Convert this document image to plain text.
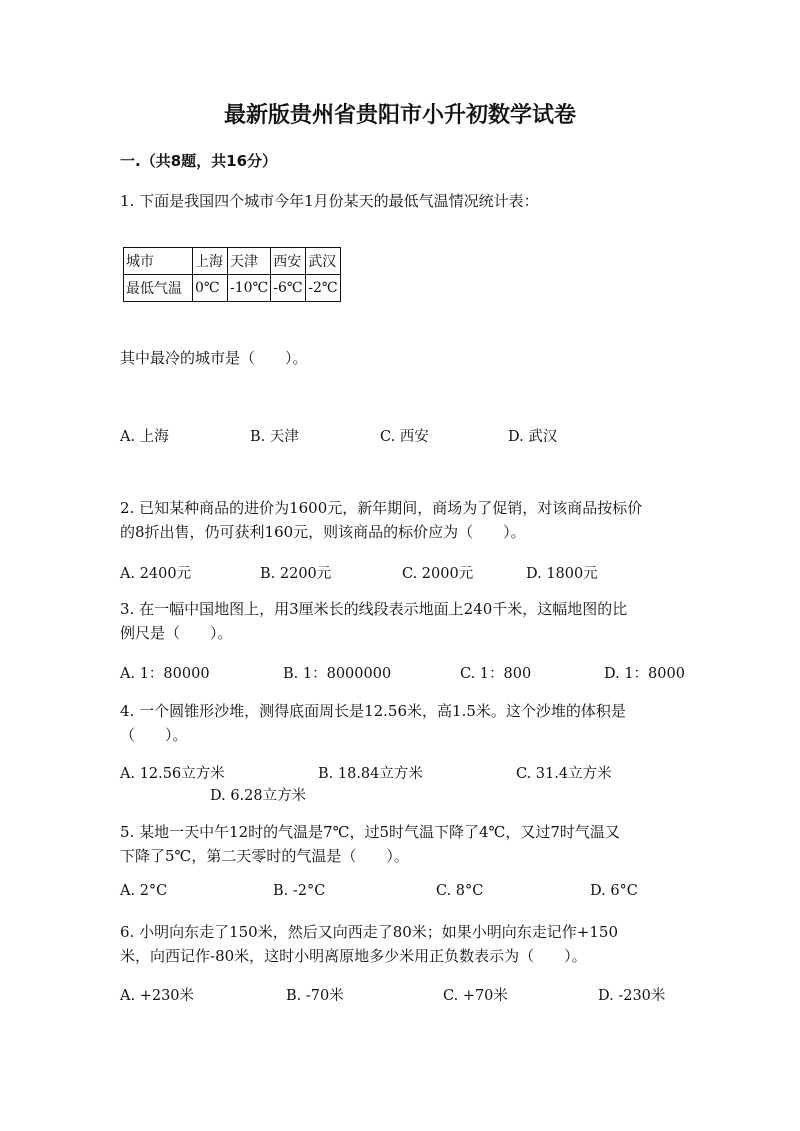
最新版贵州省贵阳市小升初数学试卷
一.（共8题，共16分）
1. 下面是我国四个城市今年1月份某天的最低气温情况统计表：
城市	上海	天津	西安	武汉
最低气温	0℃	-10℃	-6℃	-2℃
其中最冷的城市是（　　）。
A. 上海	B. 天津	C. 西安	D. 武汉
2. 已知某种商品的进价为1600元，新年期间，商场为了促销，对该商品按标价
的8折出售，仍可获利160元，则该商品的标价应为（　　）。
A. 2400元	B. 2200元	C. 2000元	D. 1800元
3. 在一幅中国地图上，用3厘米长的线段表示地面上240千米，这幅地图的比
例尺是（　　）。
A. 1：80000	B. 1：8000000	C. 1：800	D. 1：8000
4. 一个圆锥形沙堆，测得底面周长是12.56米，高1.5米。这个沙堆的体积是
（　　）。
A. 12.56立方米	B. 18.84立方米	C. 31.4立方米
D. 6.28立方米
5. 某地一天中午12时的气温是7℃，过5时气温下降了4℃，又过7时气温又
下降了5℃，第二天零时的气温是（　　）。
A. 2°C	B. -2°C	C. 8°C	D. 6°C
6. 小明向东走了150米，然后又向西走了80米；如果小明向东走记作+150
米，向西记作-80米，这时小明离原地多少米用正负数表示为（　　）。
A. +230米	B. -70米	C. +70米	D. -230米
